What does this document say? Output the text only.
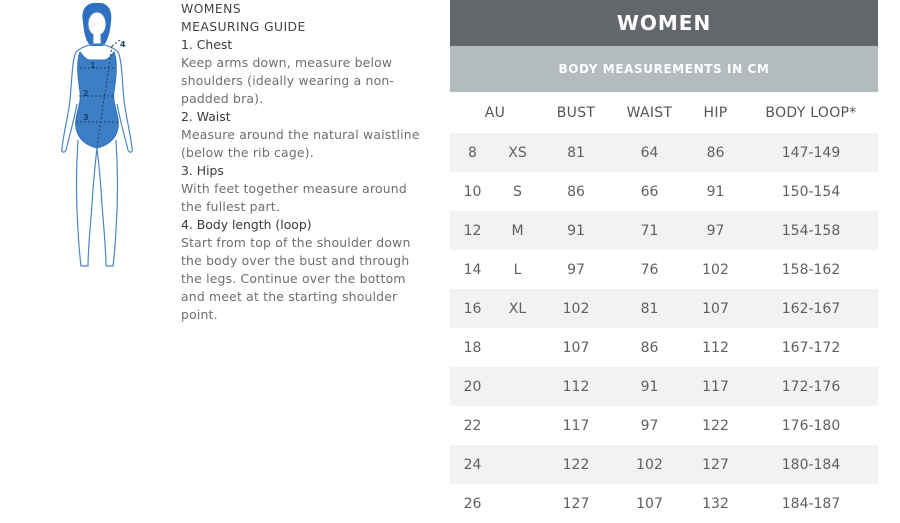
1
2
3
4
WOMENS
MEASURING GUIDE
1. Chest
Keep arms down, measure below shoulders (ideally wearing a non-padded bra).
2. Waist
Measure around the natural waistline (below the rib cage).
3. Hips
With feet together measure around the fullest part.
4. Body length (loop)
Start from top of the shoulder down the body over the bust and through the legs. Continue over the bottom and meet at the starting shoulder point.
WOMEN
BODY MEASUREMENTS IN CM
AU		BUST	WAIST	HIP	BODY LOOP*
8	XS	81	64	86	147-149
10	S	86	66	91	150-154
12	M	91	71	97	154-158
14	L	97	76	102	158-162
16	XL	102	81	107	162-167
18		107	86	112	167-172
20		112	91	117	172-176
22		117	97	122	176-180
24		122	102	127	180-184
26		127	107	132	184-187
